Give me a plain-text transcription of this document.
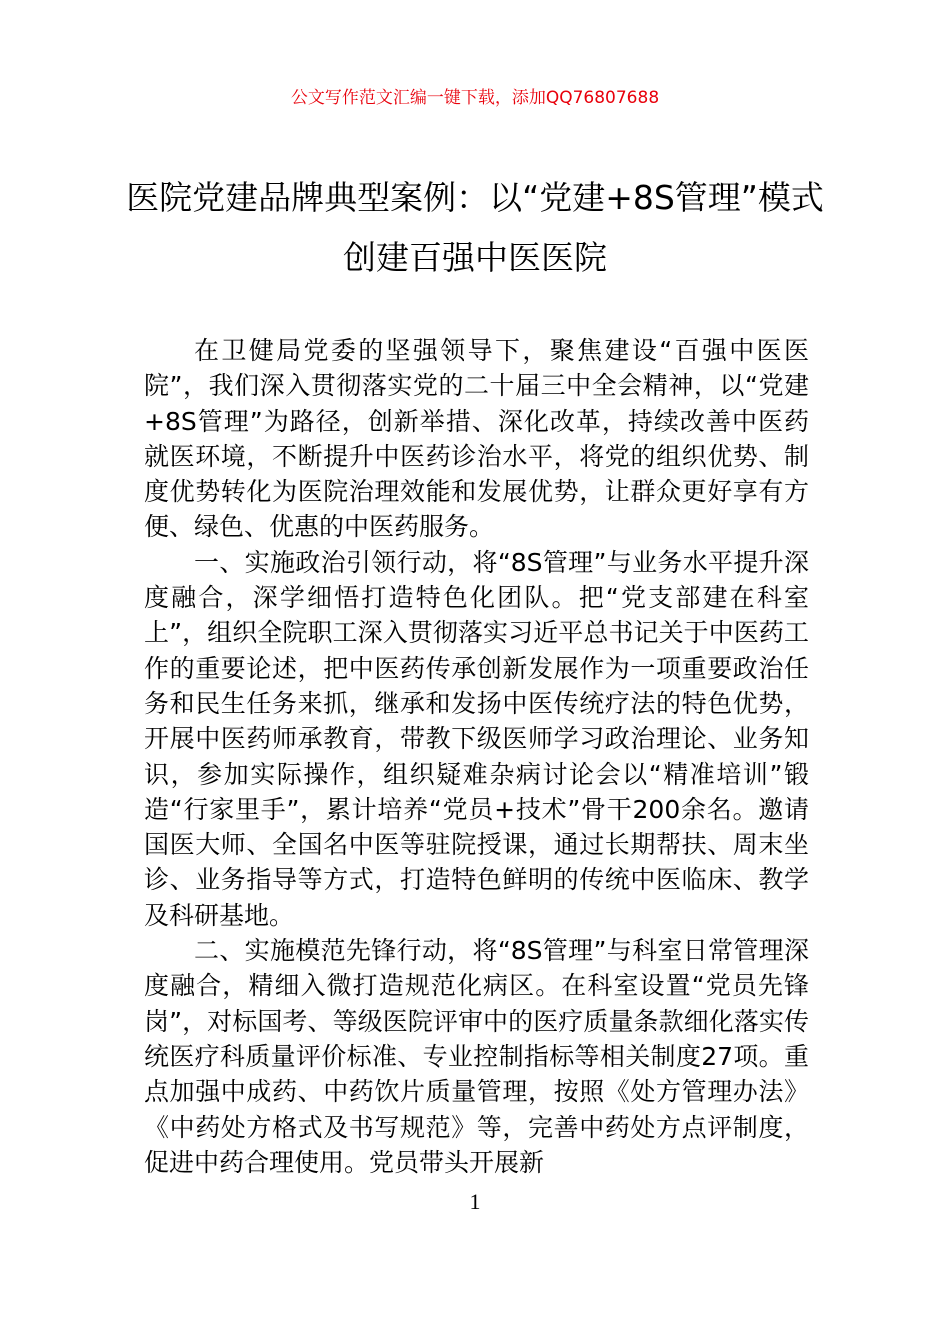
公文写作范文汇编一键下载，添加QQ76807688
医院党建品牌典型案例：以“党建+8S管理”模式创建百强中医医院

在卫健局党委的坚强领导下，聚焦建设“百强中医医院”，我们深入贯彻落实党的二十届三中全会精神，以“党建+8S管理”为路径，创新举措、深化改革，持续改善中医药就医环境，不断提升中医药诊治水平，将党的组织优势、制度优势转化为医院治理效能和发展优势，让群众更好享有方便、绿色、优惠的中医药服务。

一、实施政治引领行动，将“8S管理”与业务水平提升深度融合，深学细悟打造特色化团队。把“党支部建在科室上”，组织全院职工深入贯彻落实习近平总书记关于中医药工作的重要论述，把中医药传承创新发展作为一项重要政治任务和民生任务来抓，继承和发扬中医传统疗法的特色优势，开展中医药师承教育，带教下级医师学习政治理论、业务知识，参加实际操作，组织疑难杂病讨论会以“精准培训”锻造“行家里手”，累计培养“党员+技术”骨干200余名。邀请国医大师、全国名中医等驻院授课，通过长期帮扶、周末坐诊、业务指导等方式，打造特色鲜明的传统中医临床、教学及科研基地。

二、实施模范先锋行动，将“8S管理”与科室日常管理深度融合，精细入微打造规范化病区。在科室设置“党员先锋岗”，对标国考、等级医院评审中的医疗质量条款细化落实传统医疗科质量评价标准、专业控制指标等相关制度27项。重点加强中成药、中药饮片质量管理，按照《处方管理办法》《中药处方格式及书写规范》等，完善中药处方点评制度，促进中药合理使用。党员带头开展新

1
